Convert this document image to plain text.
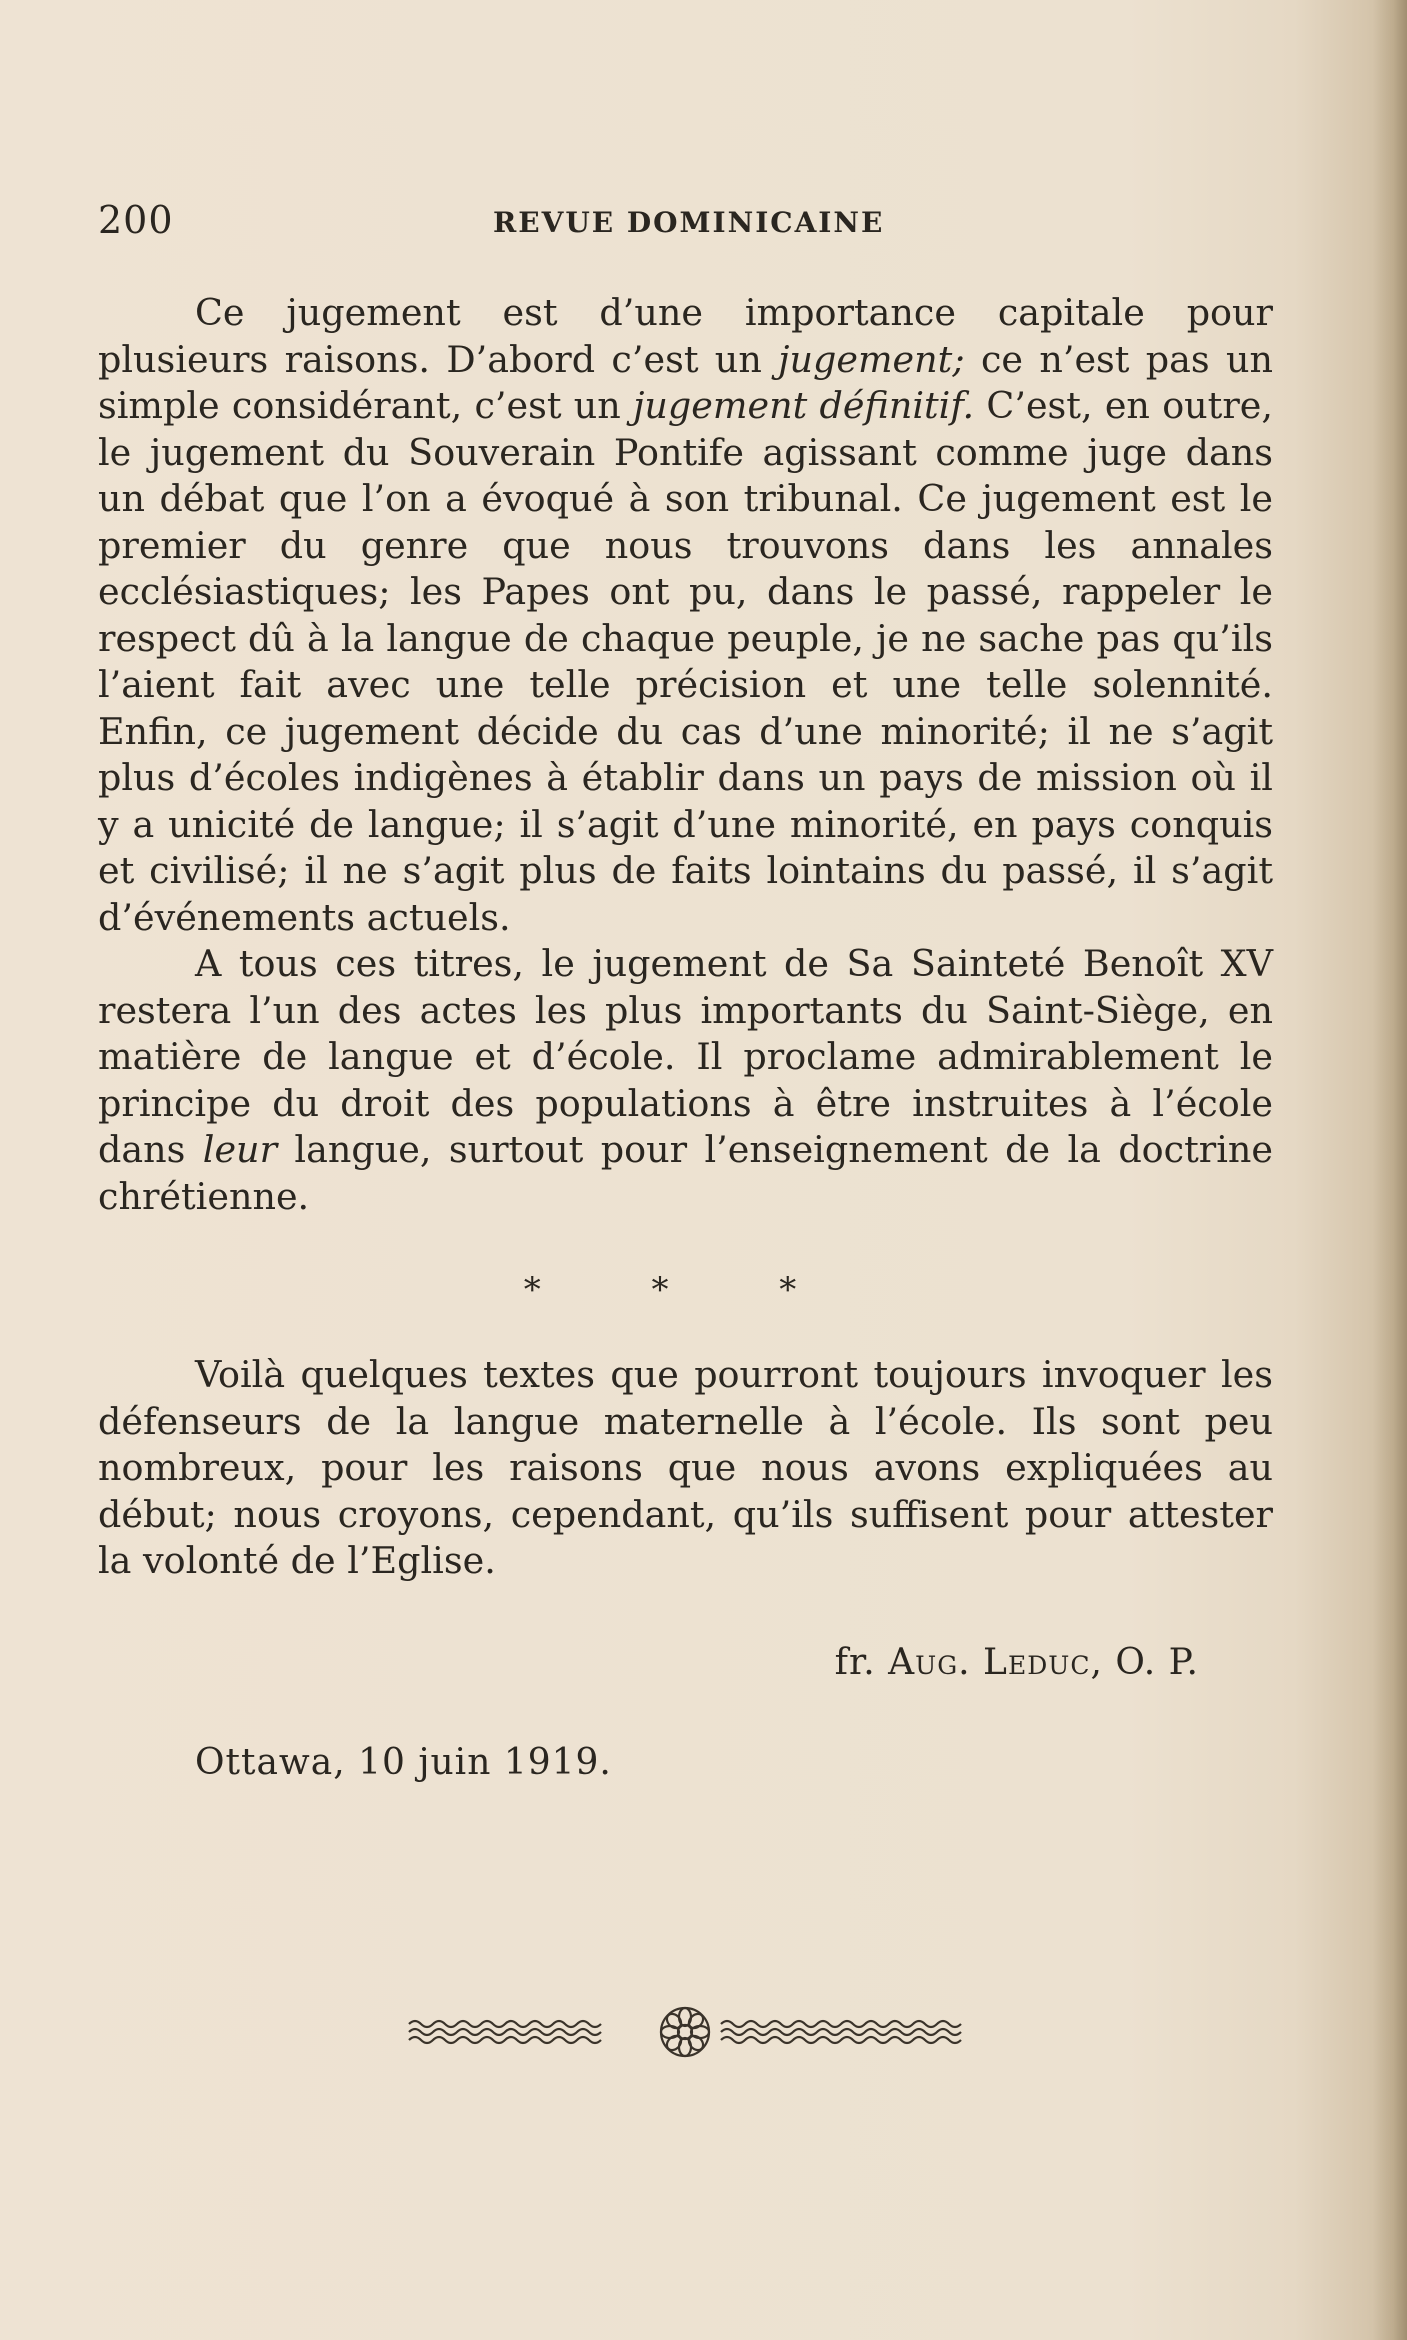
200	REVUE DOMINICAINE

Ce jugement est d’une importance capitale pour plusieurs raisons. D’abord c’est un jugement; ce n’est pas un simple considérant, c’est un jugement définitif. C’est, en outre, le jugement du Souverain Pontife agissant comme juge dans un débat que l’on a évoqué à son tribunal. Ce jugement est le premier du genre que nous trouvons dans les annales ecclésiastiques; les Papes ont pu, dans le passé, rappeler le respect dû à la langue de chaque peuple, je ne sache pas qu’ils l’aient fait avec une telle précision et une telle solennité. Enfin, ce jugement décide du cas d’une minorité; il ne s’agit plus d’écoles indigènes à établir dans un pays de mission où il y a unicité de langue; il s’agit d’une minorité, en pays conquis et civilisé; il ne s’agit plus de faits lointains du passé, il s’agit d’événements actuels.

A tous ces titres, le jugement de Sa Sainteté Benoît XV restera l’un des actes les plus importants du Saint-Siège, en matière de langue et d’école. Il proclame admirablement le principe du droit des populations à être instruites à l’école dans leur langue, surtout pour l’enseignement de la doctrine chrétienne.

* * *

Voilà quelques textes que pourront toujours invoquer les défenseurs de la langue maternelle à l’école. Ils sont peu nombreux, pour les raisons que nous avons expliquées au début; nous croyons, cependant, qu’ils suffisent pour attester la volonté de l’Eglise.

fr. Aug. Leduc, O. P.
Ottawa, 10 juin 1919.
